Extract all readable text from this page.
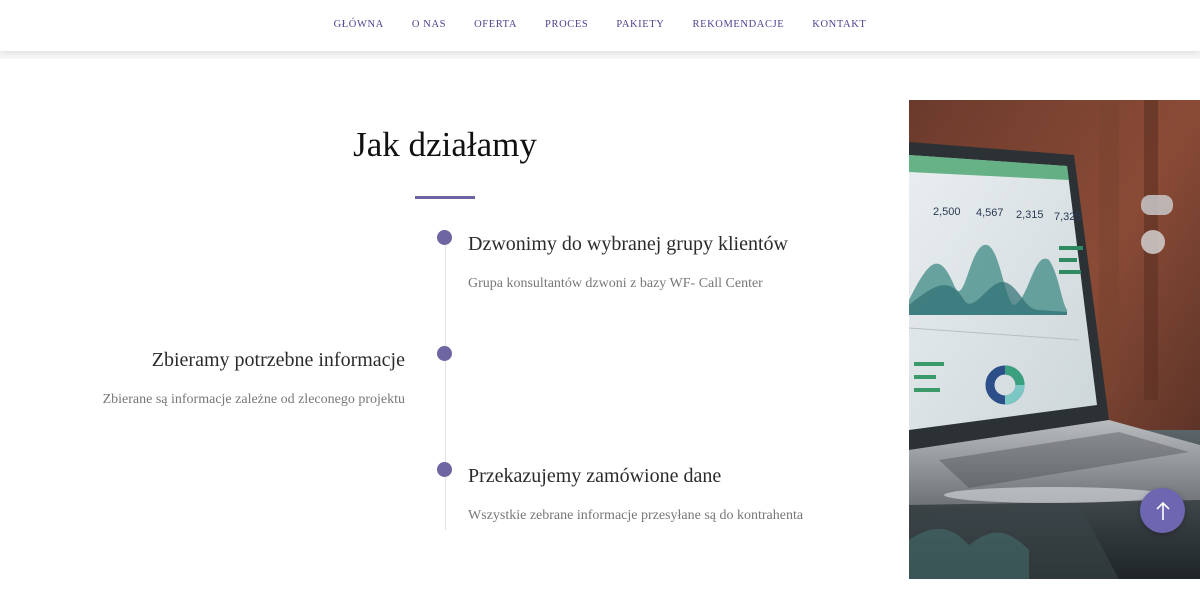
GŁÓWNA	O NAS	OFERTA	PROCES	PAKIETY	REKOMENDACJE	KONTAKT
Jak działamy
Dzwonimy do wybranej grupy klientów

Grupa konsultantów dzwoni z bazy WF- Call Center

Zbieramy potrzebne informacje

Zbierane są informacje zależne od zleconego projektu

Przekazujemy zamówione dane

Wszystkie zebrane informacje przesyłane są do kontrahenta

2,500 4,567 2,315 7,325
